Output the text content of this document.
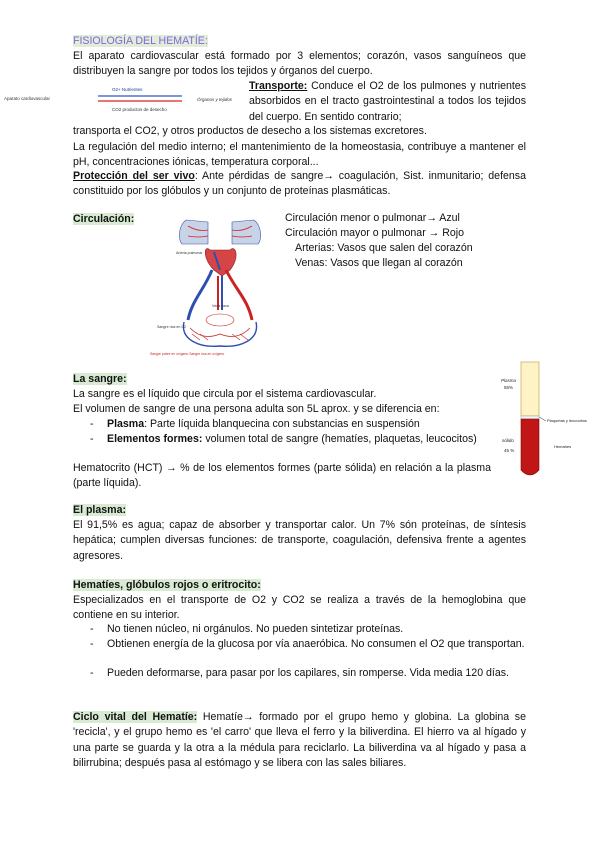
FISIOLOGÍA DEL HEMATÍE:
El aparato cardiovascular está formado por 3 elementos; corazón, vasos sanguíneos que distribuyen la sangre por todos los tejidos y órganos del cuerpo.
Aparato cardiovascular
O2+ Nutrientes
CO2 productos de desecho
Órganos y tejidos
Transporte: Conduce el O2 de los pulmones y nutrientes absorbidos en el tracto gastrointestinal a todos los tejidos del cuerpo. En sentido contrario;
transporta el CO2, y otros productos de desecho a los sistemas excretores.
La regulación del medio interno; el mantenimiento de la homeostasia, contribuye a mantener el pH, concentraciones iónicas, temperatura corporal...
Protección del ser vivo: Ante pérdidas de sangre→ coagulación, Sist. inmunitario; defensa constituido por los glóbulos y un conjunto de proteínas plasmáticas.
Circulación:
Arteria pulmonar
Vena cava
Sangre rica en O2
Sangre pobre en oxígeno Sangre rica en oxígeno
Circulación menor o pulmonar→ Azul
Circulación mayor o pulmonar → Rojo
Arterias: Vasos que salen del corazón
Venas: Vasos que llegan al corazón
La sangre:
La sangre es el líquido que circula por el sistema cardiovascular.
El volumen de sangre de una persona adulta son 5L aprox. y se diferencia en:
- Plasma: Parte líquida blanquecina con substancias en suspensión
- Elementos formes: volumen total de sangre (hematíes, plaquetas, leucocitos)
Hematocrito (HCT) → % de los elementos formes (parte sólida) en relación a la plasma (parte líquida).
Plasma
55%
Plaquetas y leucocitos
Hematíes
sólido
45 %
El plasma:
El 91,5% es agua; capaz de absorber y transportar calor. Un 7% són proteínas, de síntesis hepática; cumplen diversas funciones: de transporte, coagulación, defensiva frente a agentes agresores.
Hematíes, glóbulos rojos o eritrocito:
Especializados en el transporte de O2 y CO2 se realiza a través de la hemoglobina que contiene en su interior.
- No tienen núcleo, ni orgánulos. No pueden sintetizar proteínas.
- Obtienen energía de la glucosa por vía anaeróbica. No consumen el O2 que transportan.
- Pueden deformarse, para pasar por los capilares, sin romperse. Vida media 120 días.
Ciclo vital del Hematíe: Hematíe→ formado por el grupo hemo y globina. La globina se 'recicla', y el grupo hemo es 'el carro' que lleva el ferro y la biliverdina. El hierro va al hígado y una parte se guarda y la otra a la médula para reciclarlo. La biliverdina va al hígado y pasa a bilirrubina; después pasa al estómago y se libera con las sales biliares.
